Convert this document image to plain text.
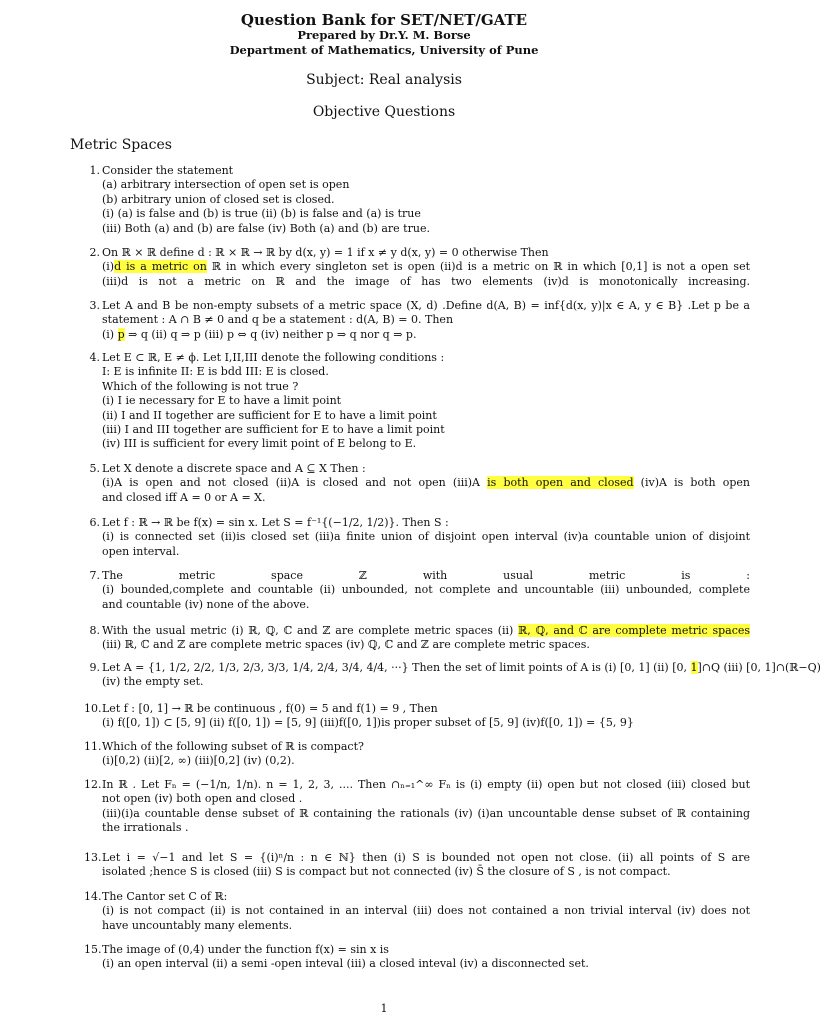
Question Bank for SET/NET/GATE
Prepared by Dr.Y. M. Borse
Department of Mathematics, University of Pune
Subject: Real analysis
Objective Questions
Metric Spaces
1. Consider the statement
(a) arbitrary intersection of open set is open
(b) arbitrary union of closed set is closed.
(i) (a) is false and (b) is true (ii) (b) is false and (a) is true
(iii) Both (a) and (b) are false (iv) Both (a) and (b) are true.
2. On ℝ × ℝ define d : ℝ × ℝ → ℝ by d(x, y) = 1 if x ≠ y d(x, y) = 0 otherwise Then
(i)d is a metric on ℝ in which every singleton set is open (ii)d is a metric on ℝ in which [0,1] is not a open set
(iii)d is not a metric on ℝ and the image of has two elements (iv)d is monotonically increasing.
3. Let A and B be non-empty subsets of a metric space (X, d) .Define d(A, B) = inf{d(x, y)|x ∈ A, y ∈ B} .Let p be a
statement : A ∩ B ≠ 0 and q be a statement : d(A, B) = 0. Then
(i) p ⇒ q (ii) q ⇒ p (iii) p ⇔ q (iv) neither p ⇒ q nor q ⇒ p.
4. Let E ⊂ ℝ, E ≠ ϕ. Let I,II,III denote the following conditions :
I: E is infinite II: E is bdd III: E is closed.
Which of the following is not true ?
(i) I ie necessary for E to have a limit point
(ii) I and II together are sufficient for E to have a limit point
(iii) I and III together are sufficient for E to have a limit point
(iv) III is sufficient for every limit point of E belong to E.
5. Let X denote a discrete space and A ⊆ X Then :
(i)A is open and not closed (ii)A is closed and not open (iii)A is both open and closed (iv)A is both open
and closed iff A = 0 or A = X.
6. Let f : ℝ → ℝ be f(x) = sin x. Let S = f⁻¹{(−1/2, 1/2)}. Then S :
(i) is connected set (ii)is closed set (iii)a finite union of disjoint open interval (iv)a countable union of disjoint
open interval.
7. The metric space ℤ with usual metric is :
(i) bounded,complete and countable (ii) unbounded, not complete and uncountable (iii) unbounded, complete
and countable (iv) none of the above.
8. With the usual metric (i) ℝ, ℚ, ℂ and ℤ are complete metric spaces (ii) ℝ, ℚ, and ℂ are complete metric spaces
(iii) ℝ, ℂ and ℤ are complete metric spaces (iv) ℚ, ℂ and ℤ are complete metric spaces.
9. Let A = {1, 1/2, 2/2, 1/3, 2/3, 3/3, 1/4, 2/4, 3/4, 4/4, ···} Then the set of limit points of A is (i) [0, 1] (ii) [0, 1]∩Q (iii) [0, 1]∩(ℝ−Q)
(iv) the empty set.
10. Let f : [0, 1] → ℝ be continuous , f(0) = 5 and f(1) = 9 , Then
(i) f([0, 1]) ⊂ [5, 9] (ii) f([0, 1]) = [5, 9] (iii)f([0, 1])is proper subset of [5, 9] (iv)f([0, 1]) = {5, 9}
11. Which of the following subset of ℝ is compact?
(i)[0,2) (ii)[2, ∞) (iii)[0,2] (iv) (0,2).
12. In ℝ . Let Fₙ = (−1/n, 1/n). n = 1, 2, 3, .... Then ∩ₙ₌₁^∞ Fₙ is (i) empty (ii) open but not closed (iii) closed but
not open (iv) both open and closed .
(iii)(i)a countable dense subset of ℝ containing the rationals (iv) (i)an uncountable dense subset of ℝ containing
the irrationals .
13. Let i = √−1 and let S = {(i)ⁿ/n : n ∈ ℕ} then (i) S is bounded not open not close. (ii) all points of S are
isolated ;hence S is closed (iii) S is compact but not connected (iv) S̄ the closure of S , is not compact.
14. The Cantor set C of ℝ:
(i) is not compact (ii) is not contained in an interval (iii) does not contained a non trivial interval (iv) does not
have uncountably many elements.
15. The image of (0,4) under the function f(x) = sin x is
(i) an open interval (ii) a semi -open inteval (iii) a closed inteval (iv) a disconnected set.
1
